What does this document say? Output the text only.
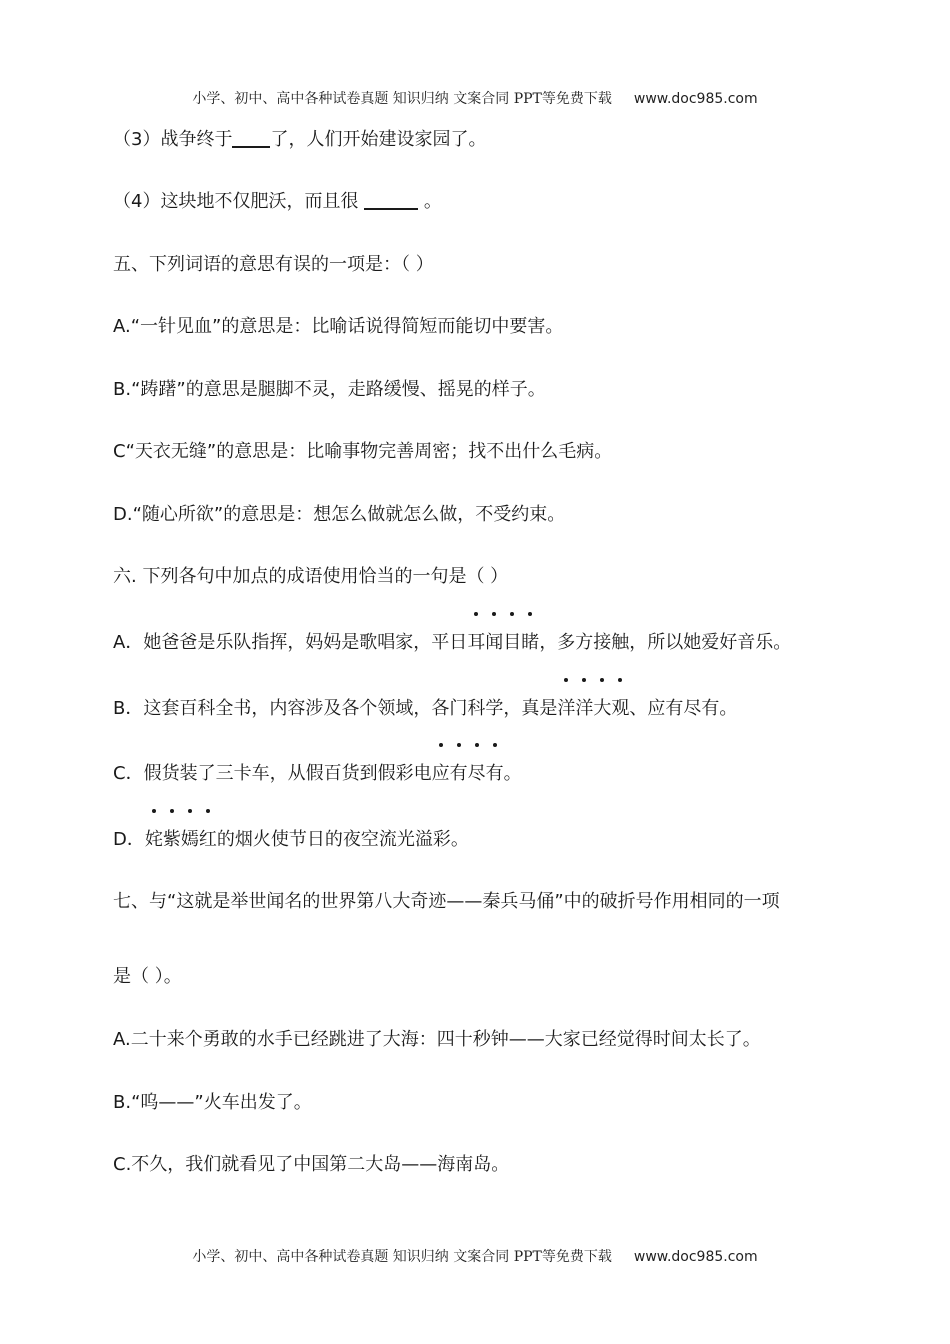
小学、初中、高中各种试卷真题 知识归纳 文案合同 PPT等免费下载 www.doc985.com
（3）战争终于 了，人们开始建设家园了。
（4）这块地不仅肥沃，而且很	。
五、下列词语的意思有误的一项是：（ ）
A.“一针见血”的意思是：比喻话说得简短而能切中要害。
B.“踌躇”的意思是腿脚不灵，走路缓慢、摇晃的样子。
C“天衣无缝”的意思是：比喻事物完善周密；找不出什么毛病。
D.“随心所欲”的意思是：想怎么做就怎么做，不受约束。
六. 下列各句中加点的成语使用恰当的一句是（ ）
A．她爸爸是乐队指挥，妈妈是歌唱家，平日
耳闻目睹，多方接触，所以她爱好音乐。
B．这套百科全书，内容涉及各个领域，各门科学，真是
洋洋大观、应有尽有。
C．假货装了三卡车，从假百货到假彩电
应有尽有。
D．
姹紫嫣红的烟火使节日的夜空流光溢彩。
七、与“这就是举世闻名的世界第八大奇迹——秦兵马俑”中的破折号作用相同的一项
是（ ）。
A.二十来个勇敢的水手已经跳进了大海：四十秒钟——大家已经觉得时间太长了。
B.“呜——”火车出发了。
C.不久，我们就看见了中国第二大岛——海南岛。
小学、初中、高中各种试卷真题 知识归纳 文案合同 PPT等免费下载 www.doc985.com
